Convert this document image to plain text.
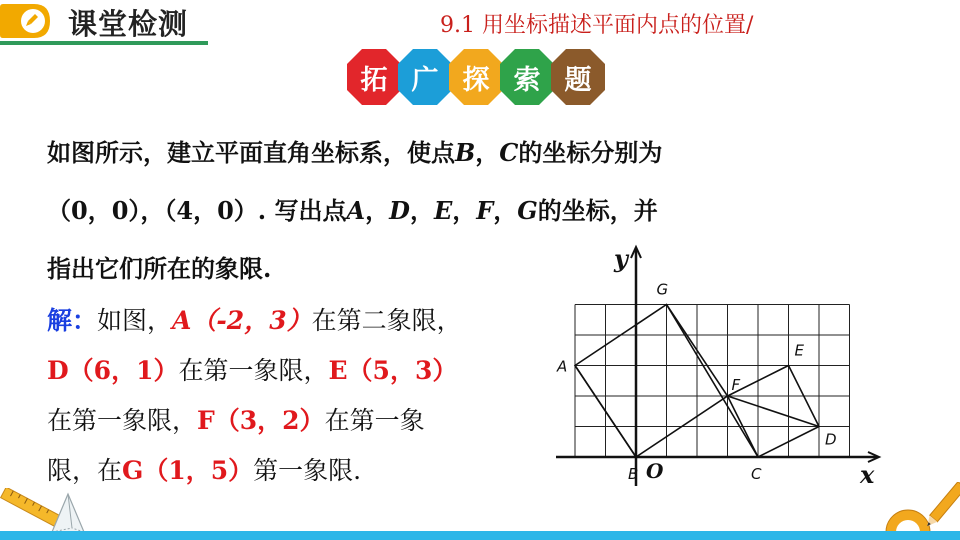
课堂检测	9.1 用坐标描述平面内点的位置/
拓 广 探 索 题

如图所示，建立平面直角坐标系，使点B，C的坐标分别为

（0，0），（4，0）. 写出点A，D，E，F，G的坐标，并

指出它们所在的象限.

解：如图，A（-2，3）在第二象限，

D（6，1）在第一象限，E（5，3）

在第一象限，F（3，2）在第一象

限，在G（1，5）第一象限.	x
y
O
A
G
E
F
D
C
B
